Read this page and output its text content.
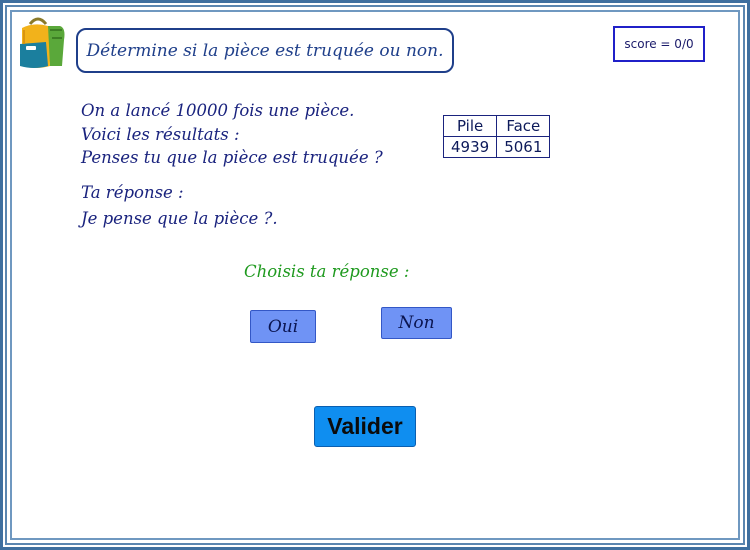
Détermine si la pièce est truquée ou non.	score = 0/0
On a lancé 10000 fois une pièce.
Voici les résultats :
Penses tu que la pièce est truquée ?
Pile	Face
4939	5061
Ta réponse :
Je pense que la pièce ?.
Choisis ta réponse :
Oui	Non
Valider
